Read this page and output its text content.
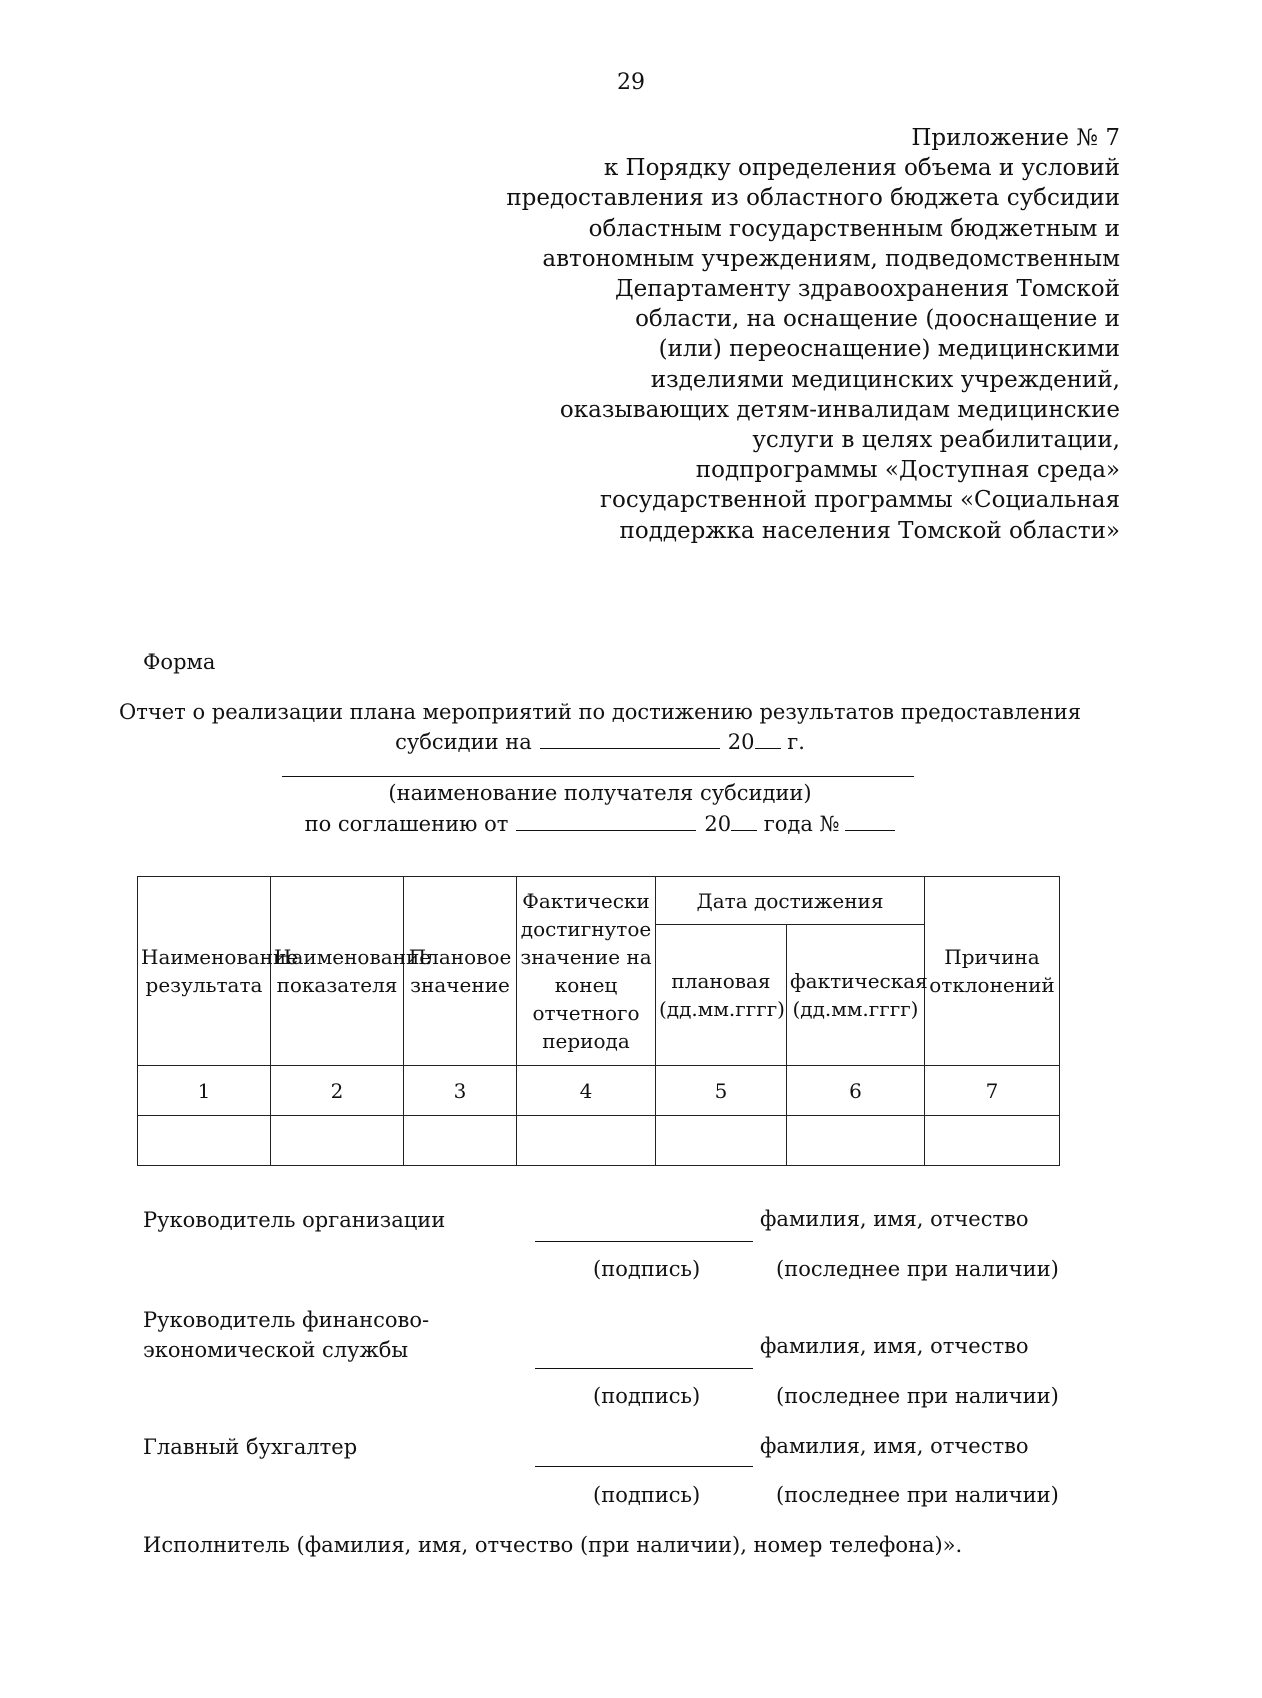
29
Приложение № 7
к Порядку определения объема и условий
предоставления из областного бюджета субсидии
областным государственным бюджетным и
автономным учреждениям, подведомственным
Департаменту здравоохранения Томской
области, на оснащение (дооснащение и
(или) переоснащение) медицинскими
изделиями медицинских учреждений,
оказывающих детям-инвалидам медицинские
услуги в целях реабилитации,
подпрограммы «Доступная среда»
государственной программы «Социальная
поддержка населения Томской области»
Форма
Отчет о реализации плана мероприятий по достижению результатов предоставления
субсидии на	20 г.
(наименование получателя субсидии)
по соглашению от	20 года №
Наименование результата	Наименование показателя	Плановое значение	Фактически достигнутое значение на конец отчетного периода	Дата достижения		Причина отклонений
				плановая (дд.мм.гггг)	фактическая (дд.мм.гггг)	
1	2	3	4	5	6	7

Руководитель организации	фамилия, имя, отчество
(подпись)	(последнее при наличии)
Руководитель финансово-
экономической службы	фамилия, имя, отчество
(подпись)	(последнее при наличии)
Главный бухгалтер	фамилия, имя, отчество
(подпись)	(последнее при наличии)
Исполнитель (фамилия, имя, отчество (при наличии), номер телефона)».
